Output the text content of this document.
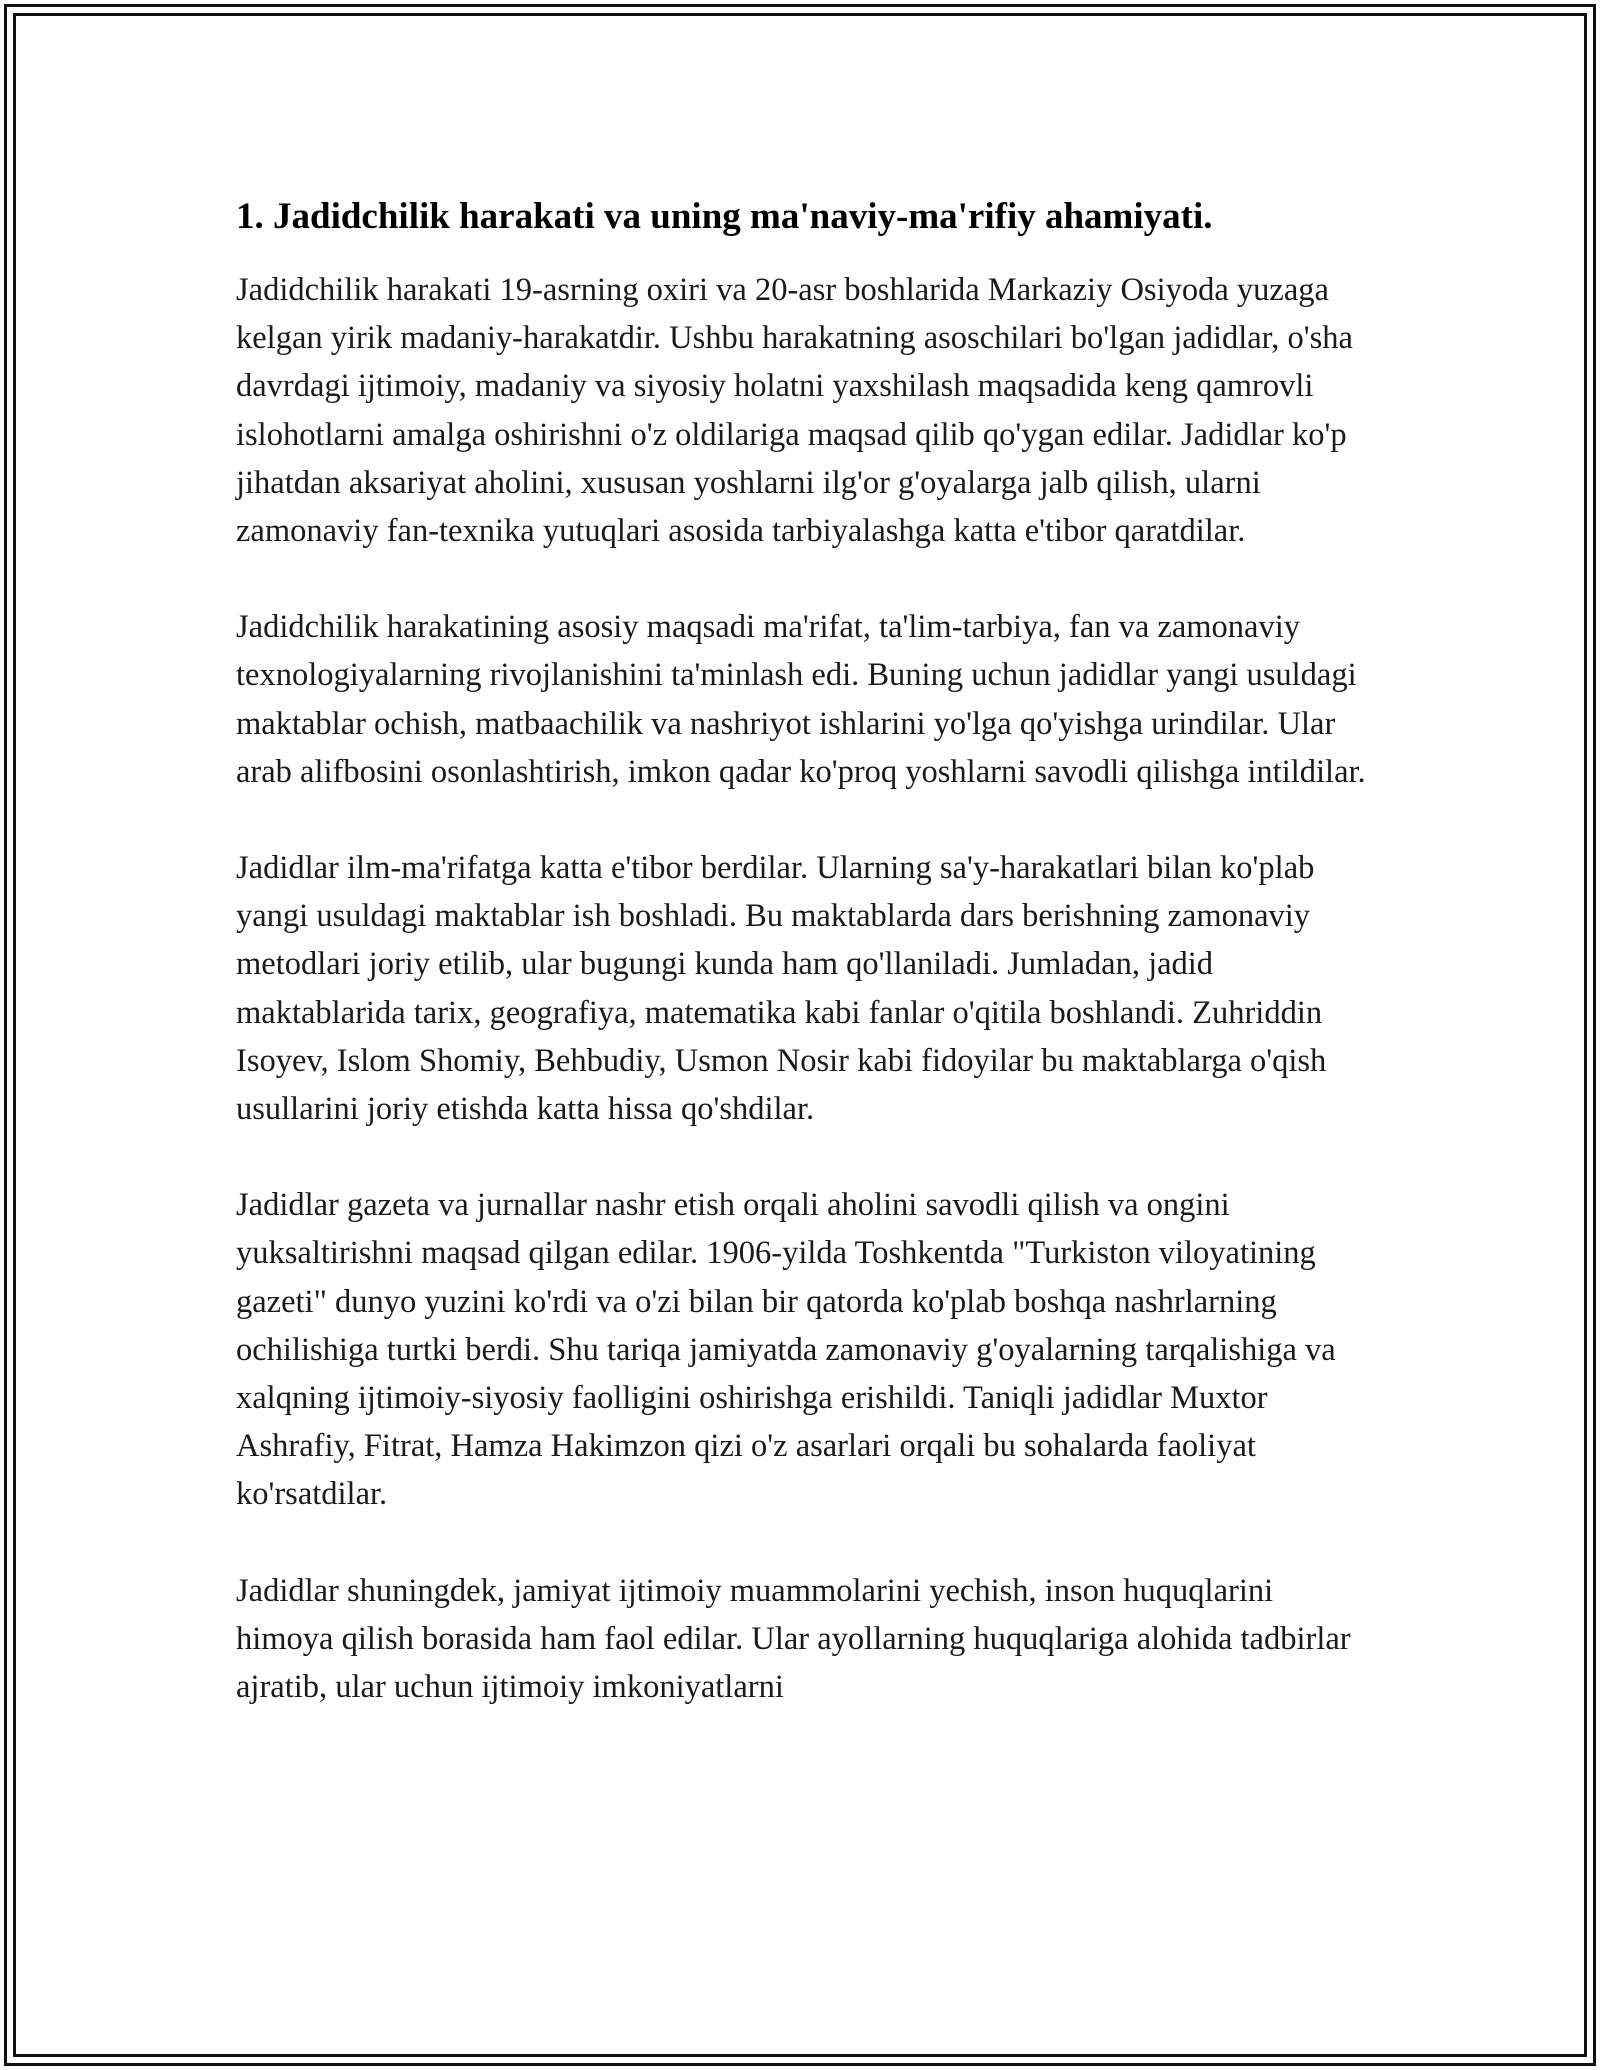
1. Jadidchilik harakati va uning ma'naviy-ma'rifiy ahamiyati.

Jadidchilik harakati 19-asrning oxiri va 20-asr boshlarida Markaziy Osiyoda yuzaga kelgan yirik madaniy-harakatdir. Ushbu harakatning asoschilari bo'lgan jadidlar, o'sha davrdagi ijtimoiy, madaniy va siyosiy holatni yaxshilash maqsadida keng qamrovli islohotlarni amalga oshirishni o'z oldilariga maqsad qilib qo'ygan edilar. Jadidlar ko'p jihatdan aksariyat aholini, xususan yoshlarni ilg'or g'oyalarga jalb qilish, ularni zamonaviy fan-texnika yutuqlari asosida tarbiyalashga katta e'tibor qaratdilar.

Jadidchilik harakatining asosiy maqsadi ma'rifat, ta'lim-tarbiya, fan va zamonaviy texnologiyalarning rivojlanishini ta'minlash edi. Buning uchun jadidlar yangi usuldagi maktablar ochish, matbaachilik va nashriyot ishlarini yo'lga qo'yishga urindilar. Ular arab alifbosini osonlashtirish, imkon qadar ko'proq yoshlarni savodli qilishga intildilar.

Jadidlar ilm-ma'rifatga katta e'tibor berdilar. Ularning sa'y-harakatlari bilan ko'plab yangi usuldagi maktablar ish boshladi. Bu maktablarda dars berishning zamonaviy metodlari joriy etilib, ular bugungi kunda ham qo'llaniladi. Jumladan, jadid maktablarida tarix, geografiya, matematika kabi fanlar o'qitila boshlandi. Zuhriddin Isoyev, Islom Shomiy, Behbudiy, Usmon Nosir kabi fidoyilar bu maktablarga o'qish usullarini joriy etishda katta hissa qo'shdilar.

Jadidlar gazeta va jurnallar nashr etish orqali aholini savodli qilish va ongini yuksaltirishni maqsad qilgan edilar. 1906-yilda Toshkentda "Turkiston viloyatining gazeti" dunyo yuzini ko'rdi va o'zi bilan bir qatorda ko'plab boshqa nashrlarning ochilishiga turtki berdi. Shu tariqa jamiyatda zamonaviy g'oyalarning tarqalishiga va xalqning ijtimoiy-siyosiy faolligini oshirishga erishildi. Taniqli jadidlar Muxtor Ashrafiy, Fitrat, Hamza Hakimzon qizi o'z asarlari orqali bu sohalarda faoliyat ko'rsatdilar.

Jadidlar shuningdek, jamiyat ijtimoiy muammolarini yechish, inson huquqlarini himoya qilish borasida ham faol edilar. Ular ayollarning huquqlariga alohida tadbirlar ajratib, ular uchun ijtimoiy imkoniyatlarni
